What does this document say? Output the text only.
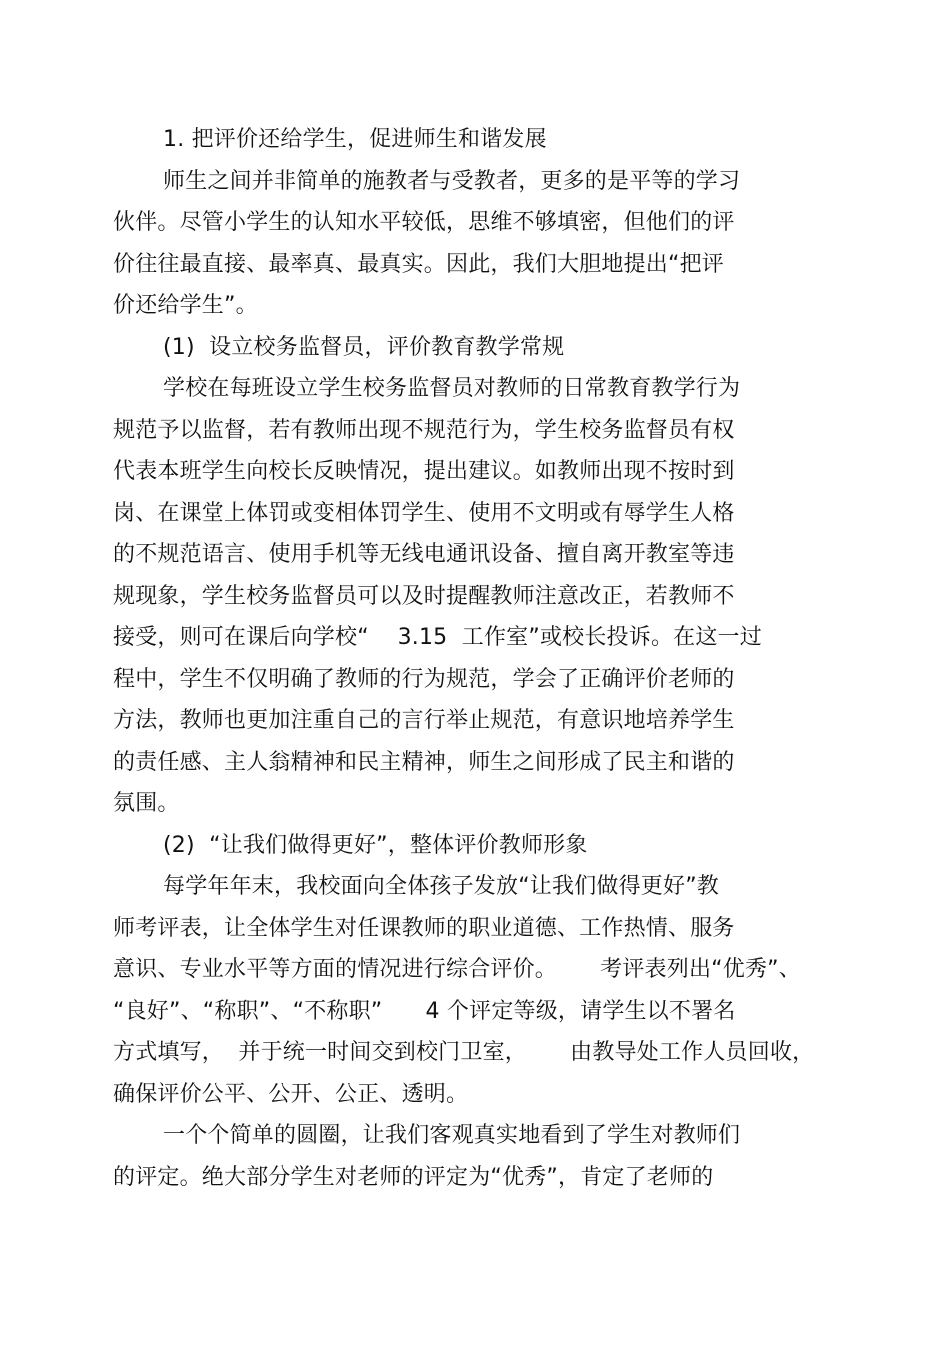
1. 把评价还给学生，促进师生和谐发展
师生之间并非简单的施教者与受教者，更多的是平等的学习
伙伴。尽管小学生的认知水平较低，思维不够填密，但他们的评
价往往最直接、最率真、最真实。因此，我们大胆地提出“把评
价还给学生”。
(1)  设立校务监督员，评价教育教学常规
学校在每班设立学生校务监督员对教师的日常教育教学行为
规范予以监督，若有教师出现不规范行为，学生校务监督员有权
代表本班学生向校长反映情况，提出建议。如教师出现不按时到
岗、在课堂上体罚或变相体罚学生、使用不文明或有辱学生人格
的不规范语言、使用手机等无线电通讯设备、擅自离开教室等违
规现象，学生校务监督员可以及时提醒教师注意改正，若教师不
接受，则可在课后向学校“    3.15  工作室”或校长投诉。在这一过
程中，学生不仅明确了教师的行为规范，学会了正确评价老师的
方法，教师也更加注重自己的言行举止规范，有意识地培养学生
的责任感、主人翁精神和民主精神，师生之间形成了民主和谐的
氛围。
(2)  “让我们做得更好”，整体评价教师形象
每学年年末，我校面向全体孩子发放“让我们做得更好”教
师考评表，让全体学生对任课教师的职业道德、工作热情、服务
意识、专业水平等方面的情况进行综合评价。      考评表列出“优秀”、
“良好”、“称职”、“不称职”      4 个评定等级，请学生以不署名
方式填写，  并于统一时间交到校门卫室，      由教导处工作人员回收，
确保评价公平、公开、公正、透明。
一个个简单的圆圈，让我们客观真实地看到了学生对教师们
的评定。绝大部分学生对老师的评定为“优秀”，肯定了老师的
